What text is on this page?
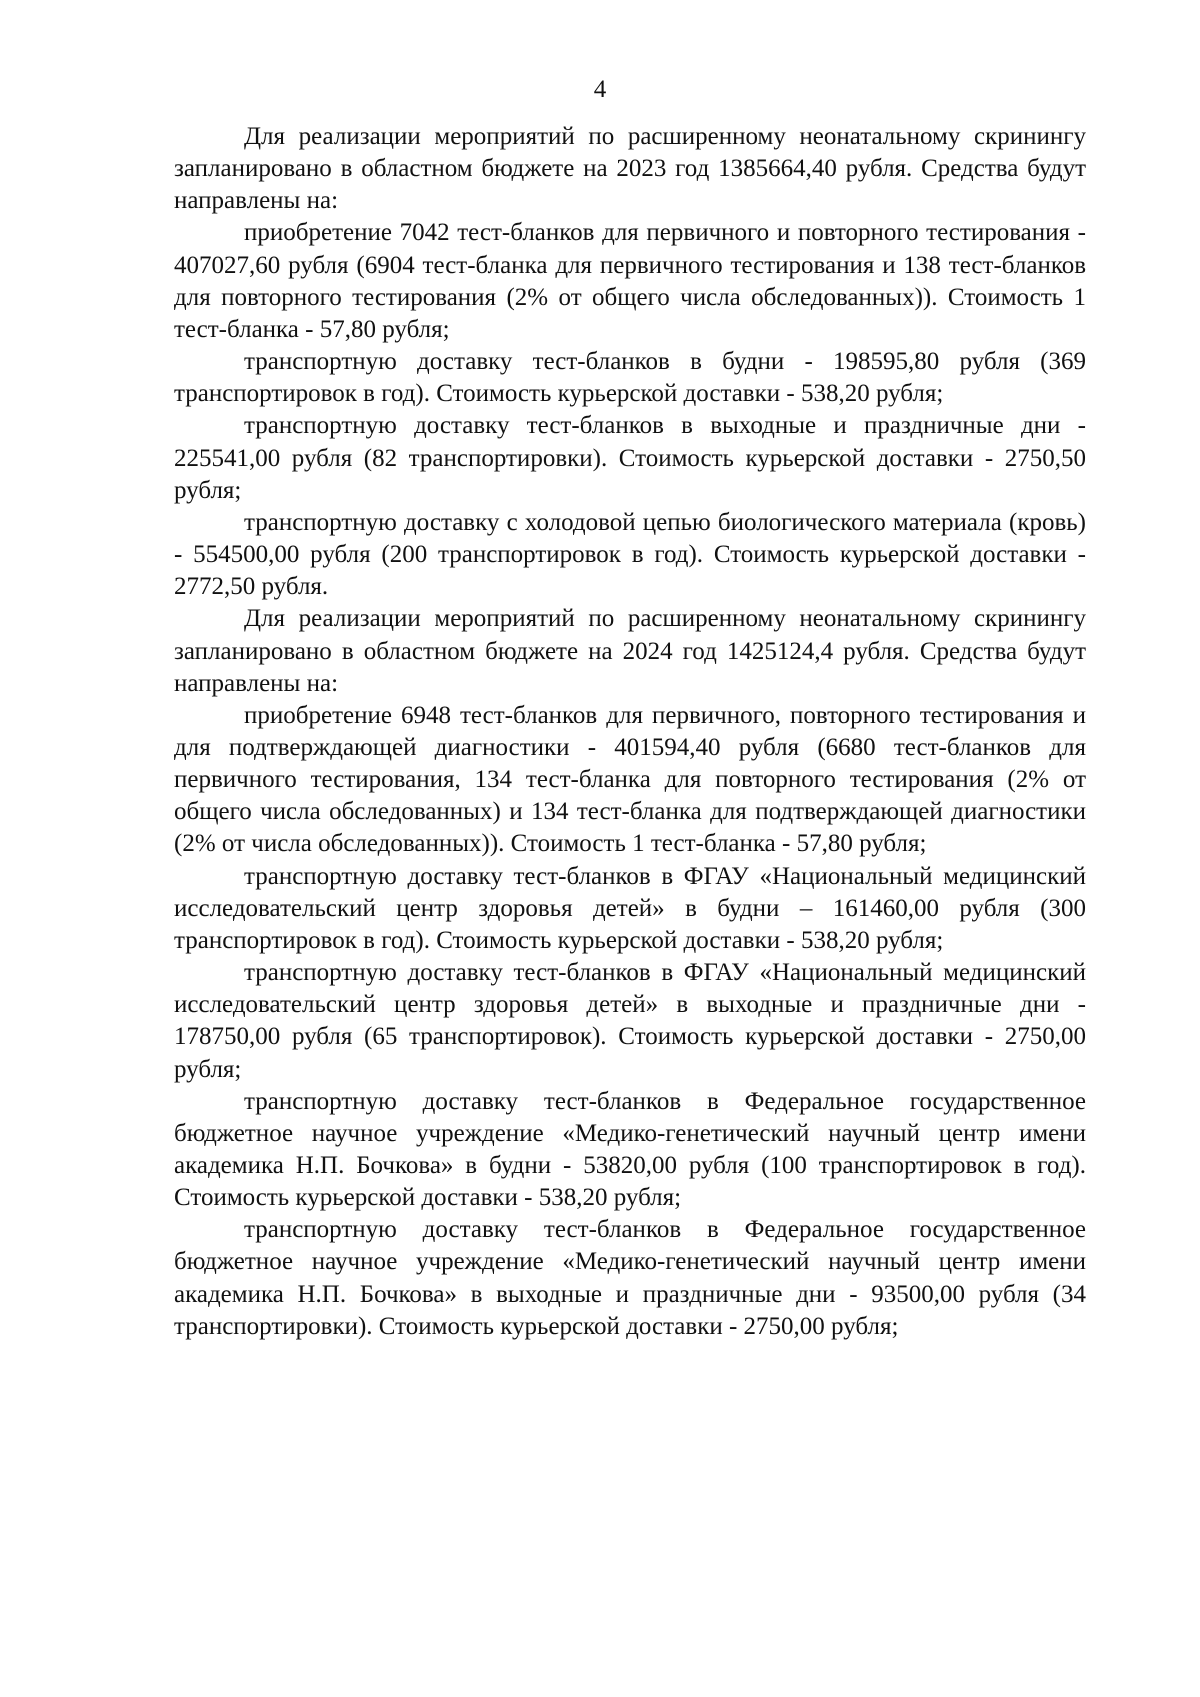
4

Для реализации мероприятий по расширенному неонатальному скринингу запланировано в областном бюджете на 2023 год 1385664,40 рубля. Средства будут направлены на:

приобретение 7042 тест-бланков для первичного и повторного тестирования - 407027,60 рубля (6904 тест-бланка для первичного тестирования и 138 тест-бланков для повторного тестирования (2% от общего числа обследованных)). Стоимость 1 тест-бланка - 57,80 рубля;

транспортную доставку тест-бланков в будни - 198595,80 рубля (369 транспортировок в год). Стоимость курьерской доставки - 538,20 рубля;

транспортную доставку тест-бланков в выходные и праздничные дни - 225541,00 рубля (82 транспортировки). Стоимость курьерской доставки - 2750,50 рубля;

транспортную доставку с холодовой цепью биологического материала (кровь) - 554500,00 рубля (200 транспортировок в год). Стоимость курьерской доставки - 2772,50 рубля.

Для реализации мероприятий по расширенному неонатальному скринингу запланировано в областном бюджете на 2024 год 1425124,4 рубля. Средства будут направлены на:

приобретение 6948 тест-бланков для первичного, повторного тестирования и для подтверждающей диагностики - 401594,40 рубля (6680 тест-бланков для первичного тестирования, 134 тест-бланка для повторного тестирования (2% от общего числа обследованных) и 134 тест-бланка для подтверждающей диагностики (2% от числа обследованных)). Стоимость 1 тест-бланка - 57,80 рубля;

транспортную доставку тест-бланков в ФГАУ «Национальный медицинский исследовательский центр здоровья детей» в будни – 161460,00 рубля (300 транспортировок в год). Стоимость курьерской доставки - 538,20 рубля;

транспортную доставку тест-бланков в ФГАУ «Национальный медицинский исследовательский центр здоровья детей» в выходные и праздничные дни - 178750,00 рубля (65 транспортировок). Стоимость курьерской доставки - 2750,00 рубля;

транспортную доставку тест-бланков в Федеральное государственное бюджетное научное учреждение «Медико-генетический научный центр имени академика Н.П. Бочкова» в будни - 53820,00 рубля (100 транспортировок в год). Стоимость курьерской доставки - 538,20 рубля;

транспортную доставку тест-бланков в Федеральное государственное бюджетное научное учреждение «Медико-генетический научный центр имени академика Н.П. Бочкова» в выходные и праздничные дни - 93500,00 рубля (34 транспортировки). Стоимость курьерской доставки - 2750,00 рубля;
